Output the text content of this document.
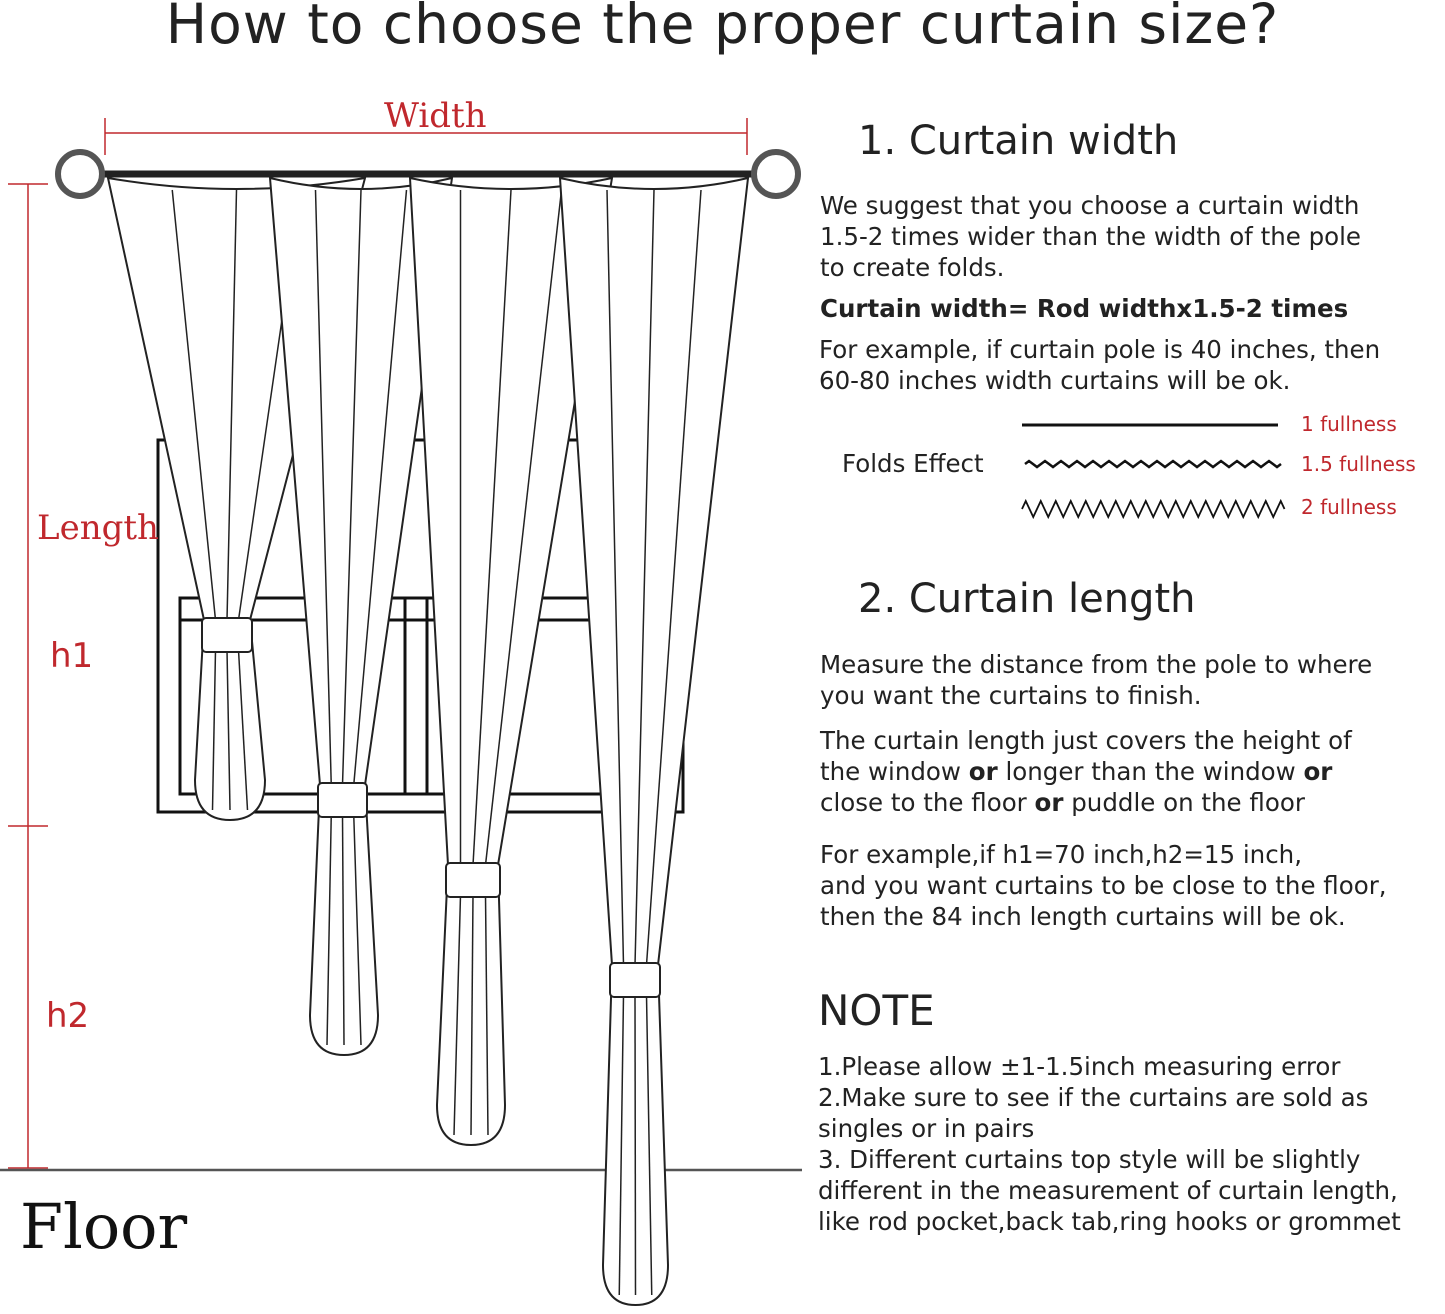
How to choose the proper curtain size?
Width
Length
h1
h2
Floor
1. Curtain width

We suggest that you choose a curtain width

1.5-2 times wider than the width of the pole

to create folds.

Curtain width= Rod widthx1.5-2 times

For example, if curtain pole is 40 inches, then

60-80 inches width curtains will be ok.

Folds Effect
1 fullness
1.5 fullness
2 fullness
2. Curtain length

Measure the distance from the pole to where

you want the curtains to finish.

The curtain length just covers the height of

the window or longer than the window or

close to the floor or puddle on the floor

For example,if h1=70 inch,h2=15 inch,

and you want curtains to be close to the floor,

then the 84 inch length curtains will be ok.

NOTE

1.Please allow ±1-1.5inch measuring error

2.Make sure to see if the curtains are sold as

singles or in pairs

3. Different curtains top style will be slightly

different in the measurement of curtain length,

like rod pocket,back tab,ring hooks or grommet
